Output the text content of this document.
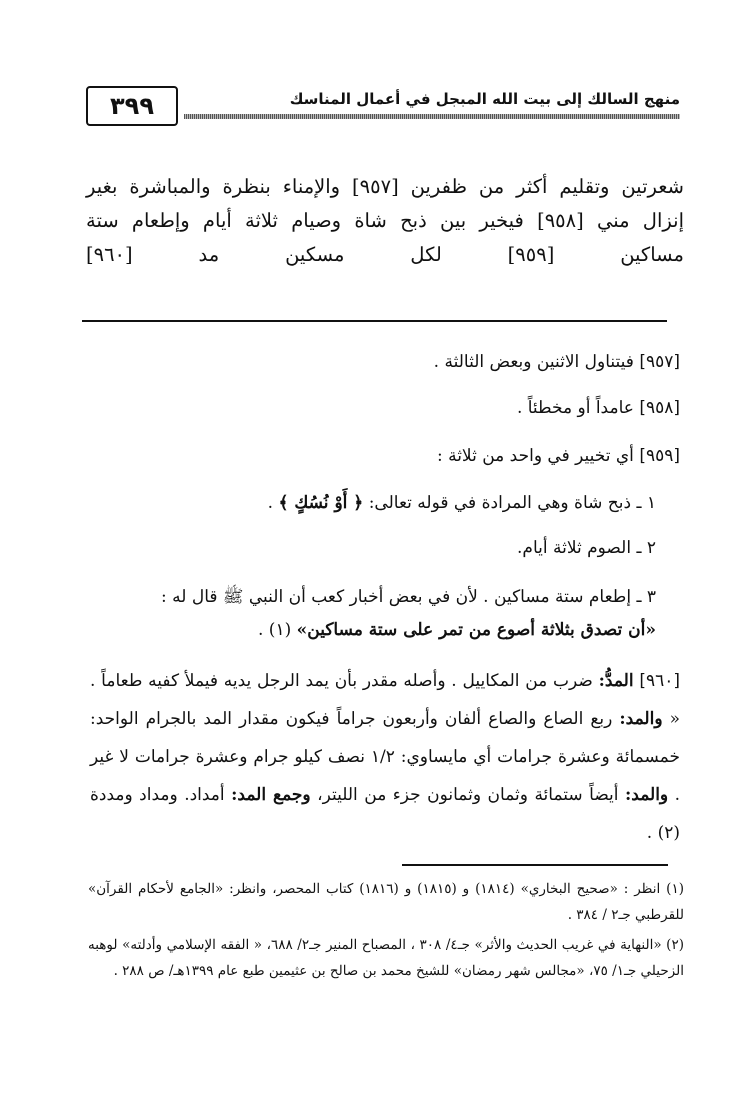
منهج السالك إلى بيت الله المبجل في أعمال المناسك
٣٩٩
شعرتين وتقليم أكثر من ظفرين [٩٥٧] والإمناء بنظرة والمباشرة بغير
إنزال مني [٩٥٨] فيخير بين ذبح شاة وصيام ثلاثة أيام وإطعام ستة
مساكين [٩٥٩] لكل مسكين مد [٩٦٠]
[٩٥٧] فيتناول الاثنين وبعض الثالثة .
[٩٥٨] عامداً أو مخطئاً .
[٩٥٩] أي تخيير في واحد من ثلاثة :
١ ـ ذبح شاة وهي المرادة في قوله تعالى: ﴿ أَوْ نُسُكٍ ﴾ .
٢ ـ الصوم ثلاثة أيام.
٣ ـ إطعام ستة مساكين . لأن في بعض أخبار كعب أن النبي ﷺ قال له :
«أن تصدق بثلاثة أصوع من تمر على ستة مساكين» (١) .
[٩٦٠] المدُّ: ضرب من المكاييل . وأصله مقدر بأن يمد الرجل يديه فيملأ كفيه طعاماً . « والمد: ربع الصاع والصاع ألفان وأربعون جراماً فيكون مقدار المد بالجرام الواحد: خمسمائة وعشرة جرامات أي مايساوي: ١/٢ نصف كيلو جرام وعشرة جرامات لا غير . والمد: أيضاً ستمائة وثمان وثمانون جزء من الليتر، وجمع المد: أمداد. ومداد ومددة (٢) .
(١) انظر : «صحيح البخاري» (١٨١٤) و (١٨١٥) و (١٨١٦) كتاب المحصر، وانظر: «الجامع لأحكام القرآن» للقرطبي جـ٢ / ٣٨٤ .
(٢) «النهاية في غريب الحديث والأثر» جـ٤/ ٣٠٨ ، المصباح المنير جـ٢/ ٦٨٨، « الفقه الإسلامي وأدلته» لوهبه الزحيلي جـ١/ ٧٥، «مجالس شهر رمضان» للشيخ محمد بن صالح بن عثيمين طبع عام ١٣٩٩هـ/ ص ٢٨٨ .
